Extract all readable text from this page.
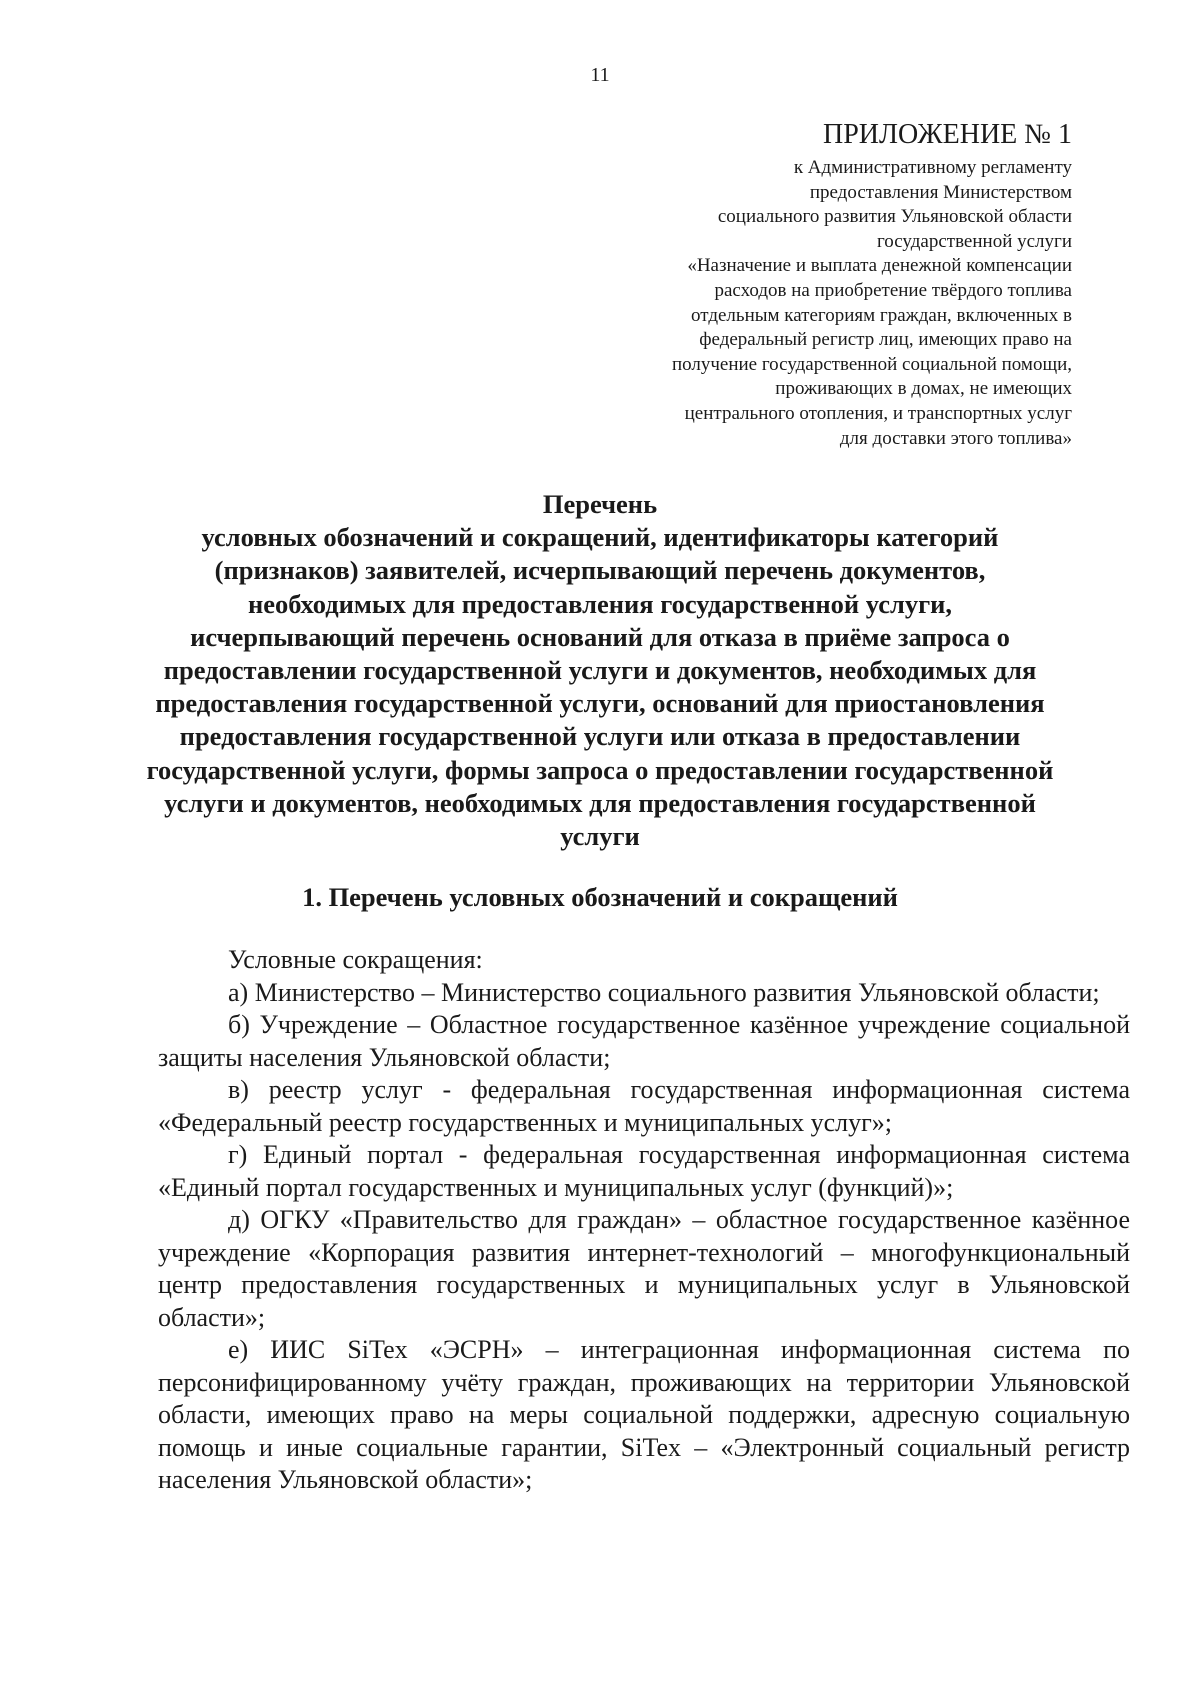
11
ПРИЛОЖЕНИЕ № 1
к Административному регламенту
предоставления Министерством
социального развития Ульяновской области
государственной услуги
«Назначение и выплата денежной компенсации
расходов на приобретение твёрдого топлива
отдельным категориям граждан, включенных в
федеральный регистр лиц, имеющих право на
получение государственной социальной помощи,
проживающих в домах, не имеющих
центрального отопления, и транспортных услуг
для доставки этого топлива»
Перечень
условных обозначений и сокращений, идентификаторы категорий
(признаков) заявителей, исчерпывающий перечень документов,
необходимых для предоставления государственной услуги,
исчерпывающий перечень оснований для отказа в приёме запроса о
предоставлении государственной услуги и документов, необходимых для
предоставления государственной услуги, оснований для приостановления
предоставления государственной услуги или отказа в предоставлении
государственной услуги, формы запроса о предоставлении государственной
услуги и документов, необходимых для предоставления государственной
услуги
1. Перечень условных обозначений и сокращений
Условные сокращения:
а) Министерство – Министерство социального развития Ульяновской области;
б) Учреждение – Областное государственное казённое учреждение социальной защиты населения Ульяновской области;
в) реестр услуг - федеральная государственная информационная система «Федеральный реестр государственных и муниципальных услуг»;
г) Единый портал - федеральная государственная информационная система «Единый портал государственных и муниципальных услуг (функций)»;
д) ОГКУ «Правительство для граждан» – областное государственное казённое учреждение «Корпорация развития интернет-технологий – многофункциональный центр предоставления государственных и муниципальных услуг в Ульяновской области»;
е) ИИС SiTex «ЭСРН» – интеграционная информационная система по персонифицированному учёту граждан, проживающих на территории Ульяновской области, имеющих право на меры социальной поддержки, адресную социальную помощь и иные социальные гарантии, SiTex – «Электронный социальный регистр населения Ульяновской области»;
